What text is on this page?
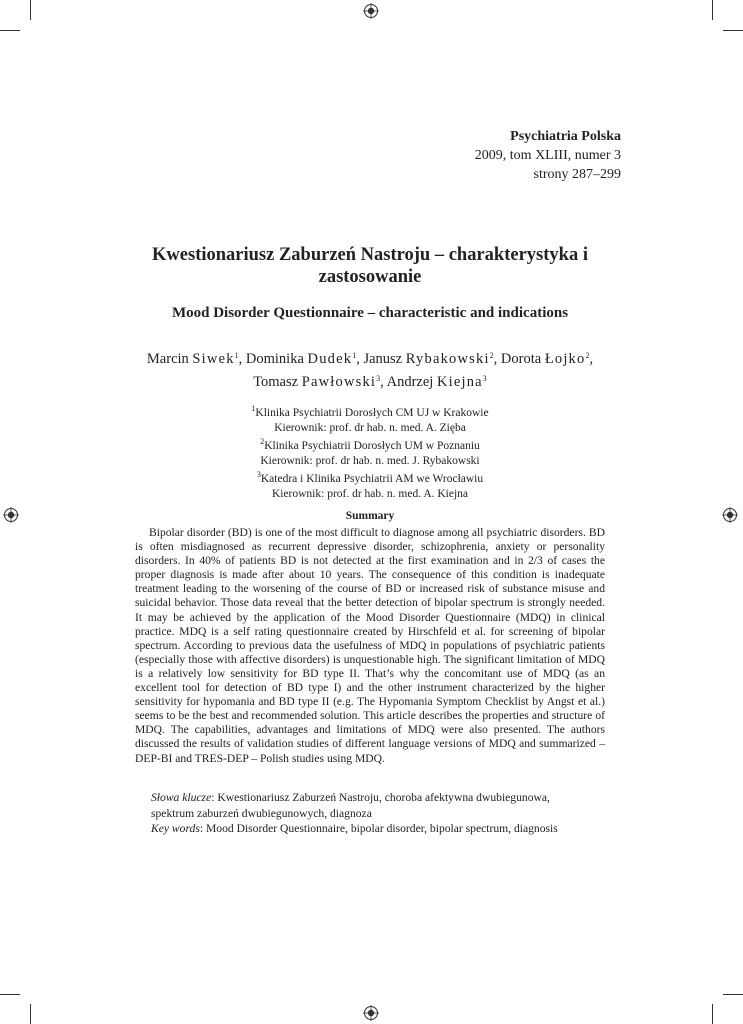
Psychiatria Polska
2009, tom XLIII, numer 3
strony 287–299
Kwestionariusz Zaburzeń Nastroju – charakterystyka i zastosowanie
Mood Disorder Questionnaire – characteristic and indications
Marcin Siwek$^1$, Dominika Dudek$^1$, Janusz Rybakowski$^2$, Dorota Łojko$^2$,
Tomasz Pawłowski$^3$, Andrzej Kiejna$^3$
$^1$Klinika Psychiatrii Dorosłych CM UJ w Krakowie
Kierownik: prof. dr hab. n. med. A. Zięba
$^2$Klinika Psychiatrii Dorosłych UM w Poznaniu
Kierownik: prof. dr hab. n. med. J. Rybakowski
$^3$Katedra i Klinika Psychiatrii AM we Wrocławiu
Kierownik: prof. dr hab. n. med. A. Kiejna
Summary

Bipolar disorder (BD) is one of the most difficult to diagnose among all psychiatric disorders. BD is often misdiagnosed as recurrent depressive disorder, schizophrenia, anxiety or personality disorders. In 40% of patients BD is not detected at the first examination and in 2/3 of cases the proper diagnosis is made after about 10 years. The consequence of this condition is inadequate treatment leading to the worsening of the course of BD or increased risk of substance misuse and suicidal behavior. Those data reveal that the better detection of bipolar spectrum is strongly needed. It may be achieved by the application of the Mood Disorder Questionnaire (MDQ) in clinical practice. MDQ is a self rating questionnaire created by Hirschfeld et al. for screening of bipolar spectrum. According to previous data the usefulness of MDQ in populations of psychiatric patients (especially those with affective disorders) is unquestionable high. The significant limitation of MDQ is a relatively low sensitivity for BD type II. That’s why the concomitant use of MDQ (as an excellent tool for detection of BD type I) and the other instrument characterized by the higher sensitivity for hypomania and BD type II (e.g. The Hypomania Symptom Checklist by Angst et al.) seems to be the best and recommended solution. This article describes the properties and structure of MDQ. The capabilities, advantages and limitations of MDQ were also presented. The authors discussed the results of validation studies of different language versions of MDQ and summarized – DEP-BI and TRES-DEP – Polish studies using MDQ.

Słowa klucze: Kwestionariusz Zaburzeń Nastroju, choroba afektywna dwubiegunowa,
spektrum zaburzeń dwubiegunowych, diagnoza
Key words: Mood Disorder Questionnaire, bipolar disorder, bipolar spectrum, diagnosis
